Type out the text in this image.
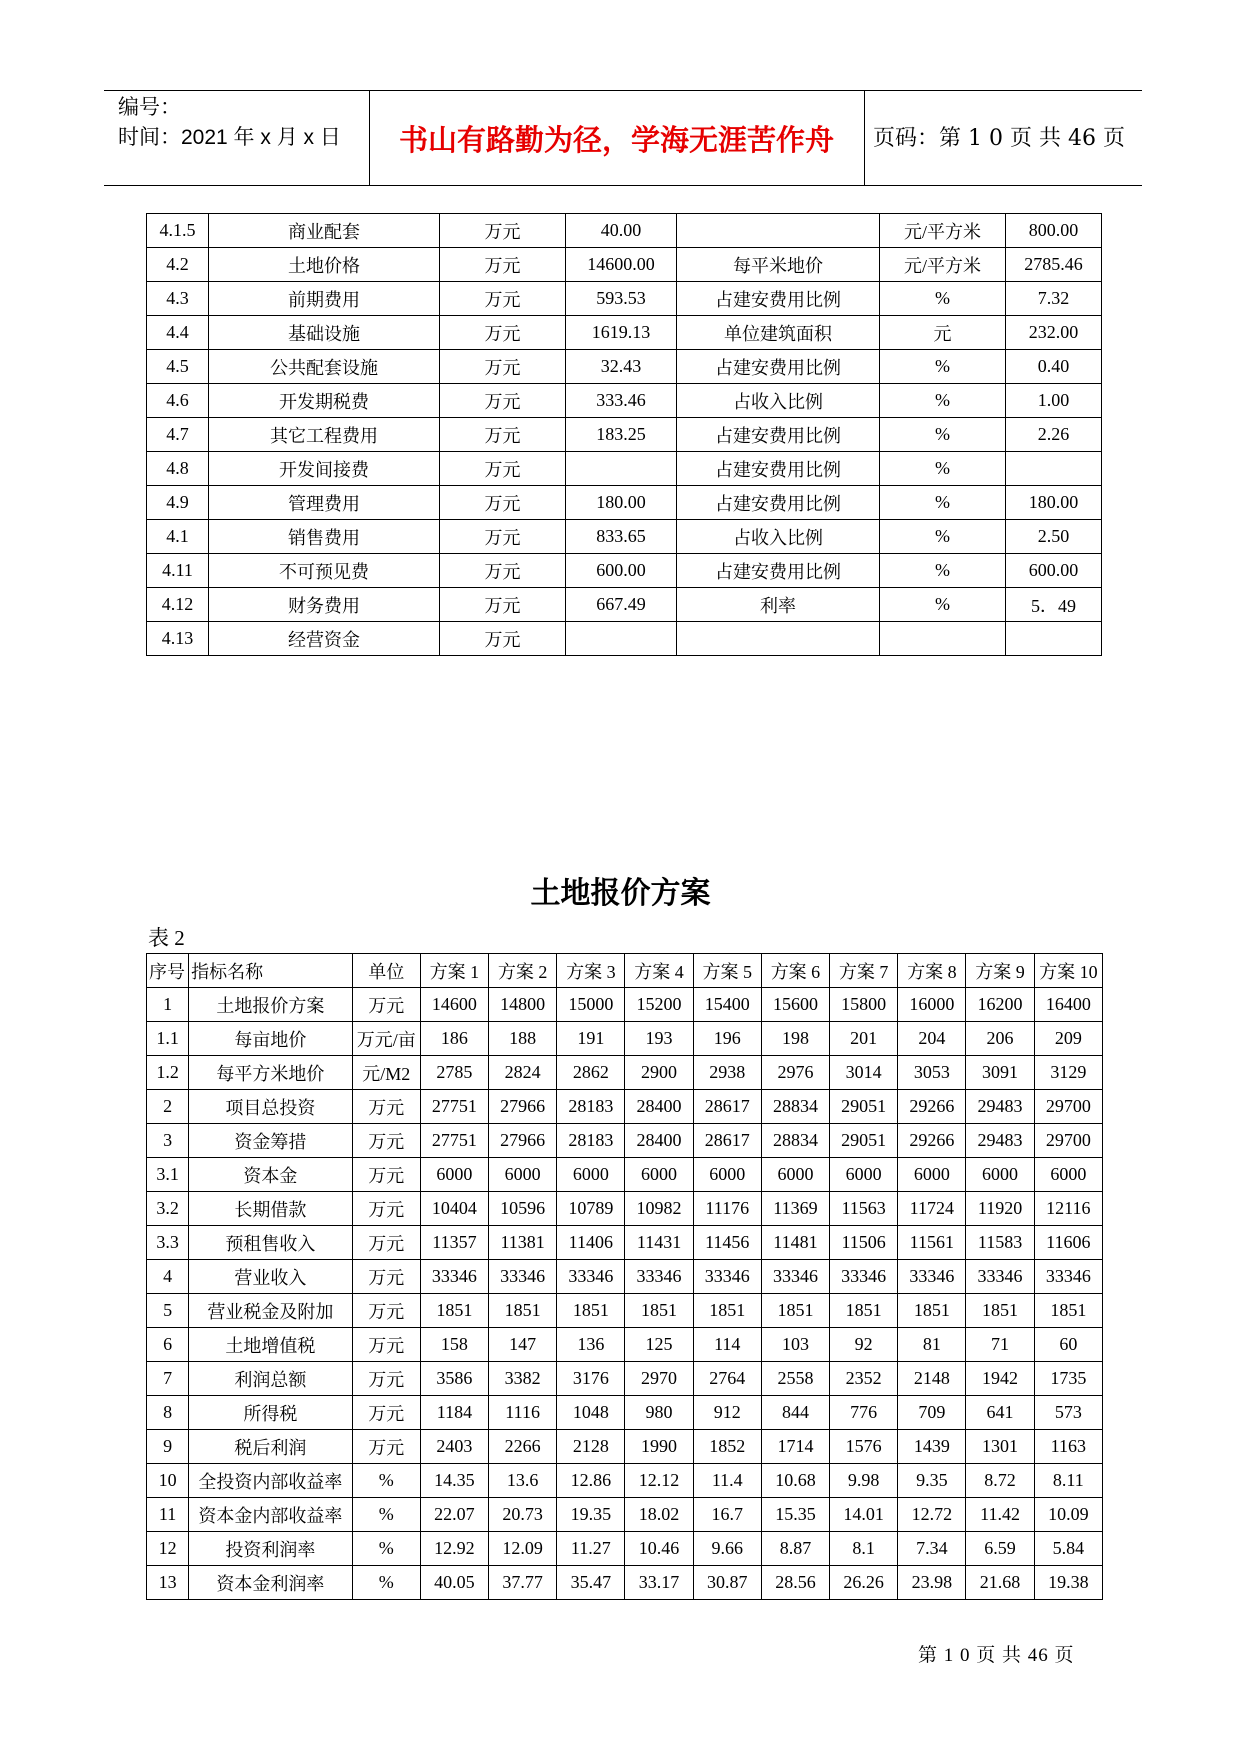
编号：
时间：2021 年 x 月 x 日	书山有路勤为径，学海无涯苦作舟	页码：第 1 0 页 共 46 页
4.1.5	商业配套	万元	40.00		元/平方米	800.00
4.2	土地价格	万元	14600.00	每平米地价	元/平方米	2785.46
4.3	前期费用	万元	593.53	占建安费用比例	%	7.32
4.4	基础设施	万元	1619.13	单位建筑面积	元	232.00
4.5	公共配套设施	万元	32.43	占建安费用比例	%	0.40
4.6	开发期税费	万元	333.46	占收入比例	%	1.00
4.7	其它工程费用	万元	183.25	占建安费用比例	%	2.26
4.8	开发间接费	万元		占建安费用比例	%	
4.9	管理费用	万元	180.00	占建安费用比例	%	180.00
4.1	销售费用	万元	833.65	占收入比例	%	2.50
4.11	不可预见费	万元	600.00	占建安费用比例	%	600.00
4.12	财务费用	万元	667.49	利率	%	5．49
4.13	经营资金	万元				
土地报价方案
表 2
序号	指标名称	单位	方案 1	方案 2	方案 3	方案 4	方案 5	方案 6	方案 7	方案 8	方案 9	方案 10
1	土地报价方案	万元	14600	14800	15000	15200	15400	15600	15800	16000	16200	16400
1.1	每亩地价	万元/亩	186	188	191	193	196	198	201	204	206	209
1.2	每平方米地价	元/M2	2785	2824	2862	2900	2938	2976	3014	3053	3091	3129
2	项目总投资	万元	27751	27966	28183	28400	28617	28834	29051	29266	29483	29700
3	资金筹措	万元	27751	27966	28183	28400	28617	28834	29051	29266	29483	29700
3.1	资本金	万元	6000	6000	6000	6000	6000	6000	6000	6000	6000	6000
3.2	长期借款	万元	10404	10596	10789	10982	11176	11369	11563	11724	11920	12116
3.3	预租售收入	万元	11357	11381	11406	11431	11456	11481	11506	11561	11583	11606
4	营业收入	万元	33346	33346	33346	33346	33346	33346	33346	33346	33346	33346
5	营业税金及附加	万元	1851	1851	1851	1851	1851	1851	1851	1851	1851	1851
6	土地增值税	万元	158	147	136	125	114	103	92	81	71	60
7	利润总额	万元	3586	3382	3176	2970	2764	2558	2352	2148	1942	1735
8	所得税	万元	1184	1116	1048	980	912	844	776	709	641	573
9	税后利润	万元	2403	2266	2128	1990	1852	1714	1576	1439	1301	1163
10	全投资内部收益率	%	14.35	13.6	12.86	12.12	11.4	10.68	9.98	9.35	8.72	8.11
11	资本金内部收益率	%	22.07	20.73	19.35	18.02	16.7	15.35	14.01	12.72	11.42	10.09
12	投资利润率	%	12.92	12.09	11.27	10.46	9.66	8.87	8.1	7.34	6.59	5.84
13	资本金利润率	%	40.05	37.77	35.47	33.17	30.87	28.56	26.26	23.98	21.68	19.38
第 1 0 页 共 46 页
